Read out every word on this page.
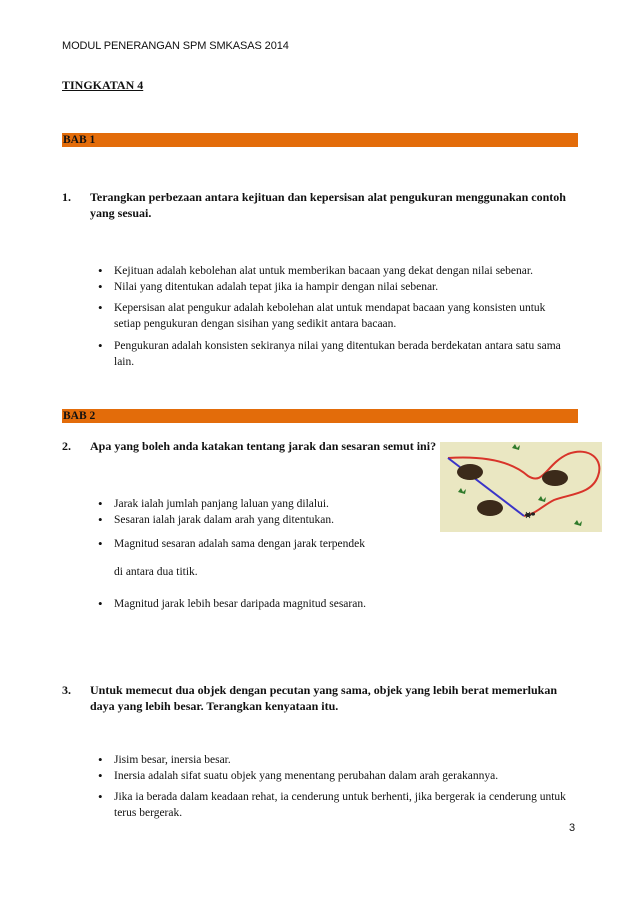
MODUL PENERANGAN SPM SMKASAS 2014
TINGKATAN 4
BAB 1
1. Terangkan perbezaan antara kejituan dan kepersisan alat pengukuran menggunakan contoh yang sesuai.
• Kejituan adalah kebolehan alat untuk memberikan bacaan yang dekat dengan nilai sebenar.
• Nilai yang ditentukan adalah tepat jika ia hampir dengan nilai sebenar.
• Kepersisan alat pengukur adalah kebolehan alat untuk mendapat bacaan yang konsisten untuk setiap pengukuran dengan sisihan yang sedikit antara bacaan.
• Pengukuran adalah konsisten sekiranya nilai yang ditentukan berada berdekatan antara satu sama lain.
BAB 2
2. Apa yang boleh anda katakan tentang jarak dan sesaran semut ini?
• Jarak ialah jumlah panjang laluan yang dilalui.
• Sesaran ialah jarak dalam arah yang ditentukan.
• Magnitud sesaran adalah sama dengan jarak terpendek
di antara dua titik.
• Magnitud jarak lebih besar daripada magnitud sesaran.
3. Untuk memecut dua objek dengan pecutan yang sama, objek yang lebih berat memerlukan daya yang lebih besar. Terangkan kenyataan itu.
• Jisim besar, inersia besar.
• Inersia adalah sifat suatu objek yang menentang perubahan dalam arah gerakannya.
• Jika ia berada dalam keadaan rehat, ia cenderung untuk berhenti, jika bergerak ia cenderung untuk terus bergerak.
3
